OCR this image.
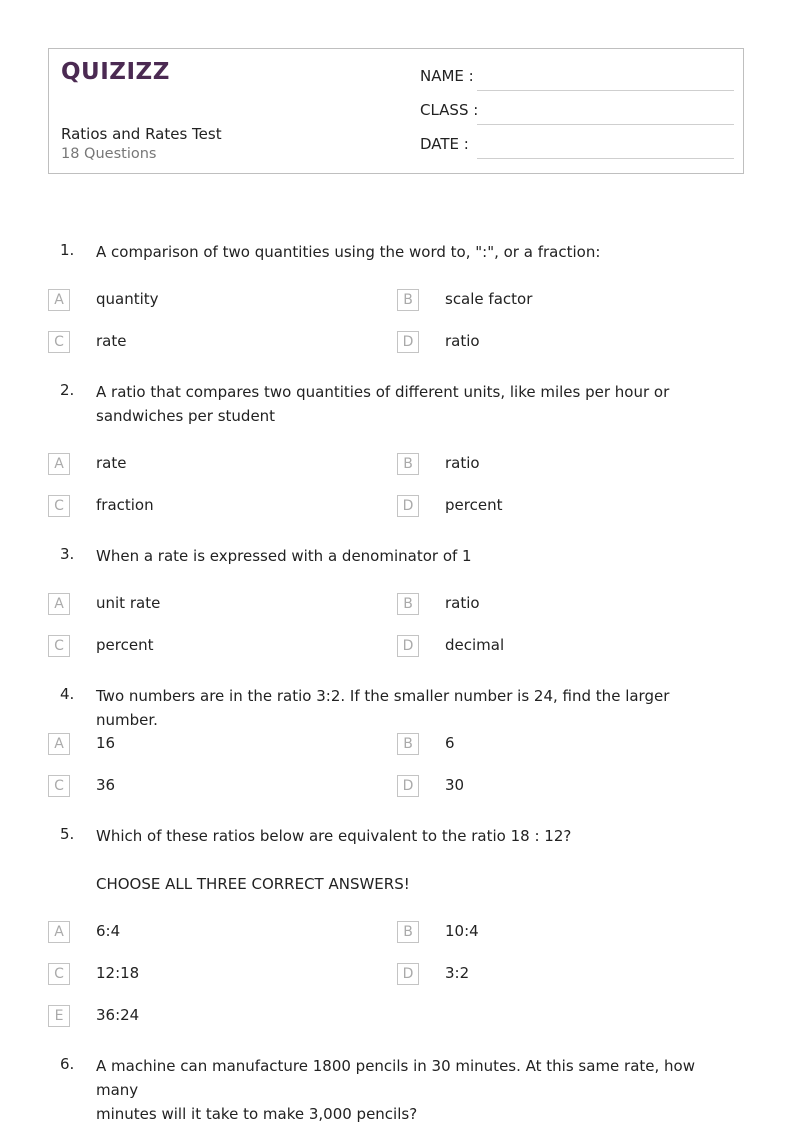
QUIZIZZ
Ratios and Rates Test
18 Questions
NAME :
CLASS :
DATE :
1. A comparison of two quantities using the word to, ":", or a fraction:
A	quantity	B	scale factor
C	rate	D	ratio
2. A ratio that compares two quantities of different units, like miles per hour or
sandwiches per student
A	rate	B	ratio
C	fraction	D	percent
3. When a rate is expressed with a denominator of 1
A	unit rate	B	ratio
C	percent	D	decimal
4. Two numbers are in the ratio 3:2. If the smaller number is 24, find the larger number.
A	16	B	6
C	36	D	30
5. Which of these ratios below are equivalent to the ratio 18 : 12?
CHOOSE ALL THREE CORRECT ANSWERS!
A	6:4	B	10:4
C	12:18	D	3:2
E	36:24
6. A machine can manufacture 1800 pencils in 30 minutes. At this same rate, how many
minutes will it take to make 3,000 pencils?
